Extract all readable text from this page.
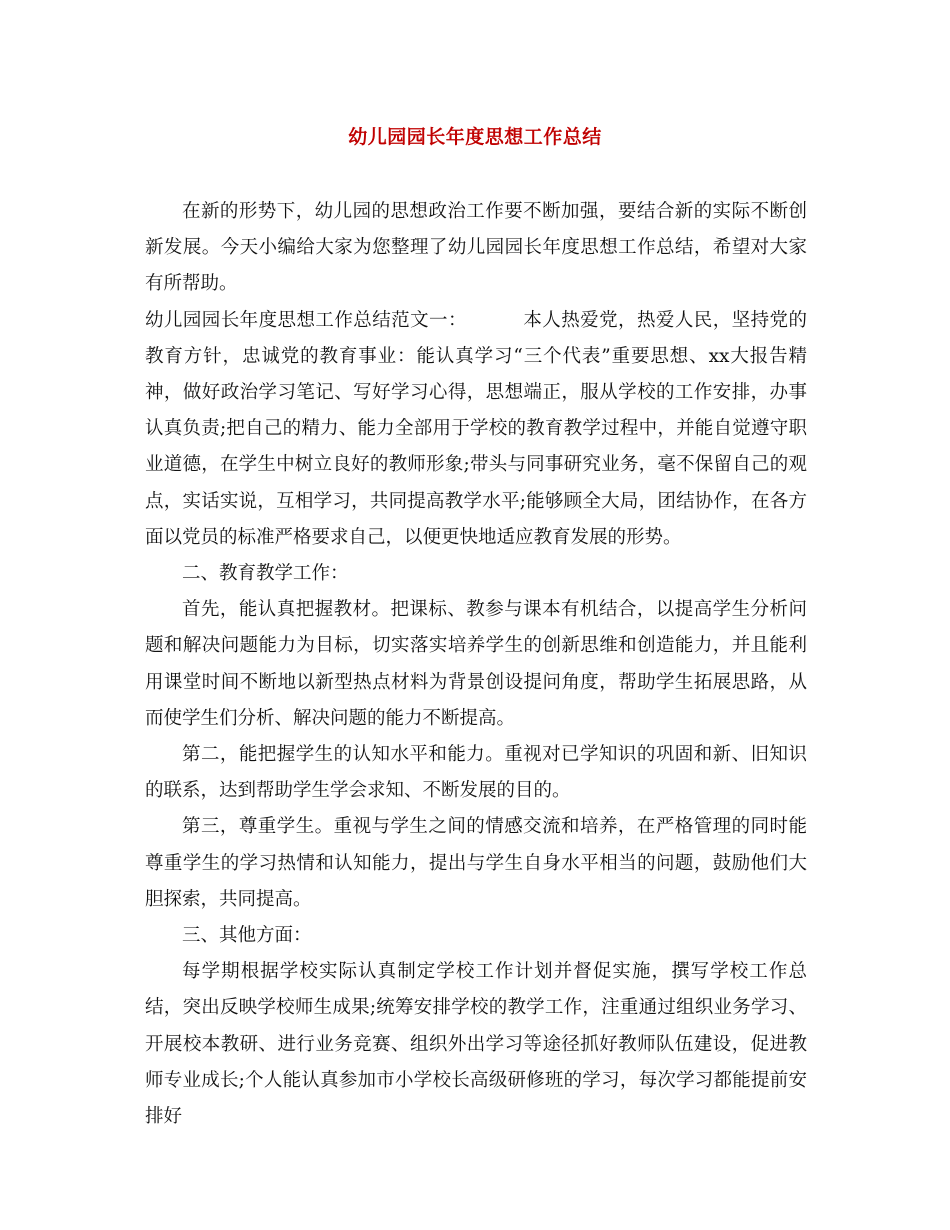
幼儿园园长年度思想工作总结

在新的形势下，幼儿园的思想政治工作要不断加强，要结合新的实际不断创新发展。今天小编给大家为您整理了幼儿园园长年度思想工作总结，希望对大家有所帮助。

幼儿园园长年度思想工作总结范文一：	本人热爱党，热爱人民，坚持党的教育方针，忠诚党的教育事业：能认真学习“三个代表”重要思想、xx大报告精神，做好政治学习笔记、写好学习心得，思想端正，服从学校的工作安排，办事认真负责;把自己的精力、能力全部用于学校的教育教学过程中，并能自觉遵守职业道德，在学生中树立良好的教师形象;带头与同事研究业务，毫不保留自己的观点，实话实说，互相学习，共同提高教学水平;能够顾全大局，团结协作，在各方面以党员的标准严格要求自己，以便更快地适应教育发展的形势。

二、教育教学工作：

首先，能认真把握教材。把课标、教参与课本有机结合，以提高学生分析问题和解决问题能力为目标，切实落实培养学生的创新思维和创造能力，并且能利用课堂时间不断地以新型热点材料为背景创设提问角度，帮助学生拓展思路，从而使学生们分析、解决问题的能力不断提高。

第二，能把握学生的认知水平和能力。重视对已学知识的巩固和新、旧知识的联系，达到帮助学生学会求知、不断发展的目的。

第三，尊重学生。重视与学生之间的情感交流和培养，在严格管理的同时能尊重学生的学习热情和认知能力，提出与学生自身水平相当的问题，鼓励他们大胆探索，共同提高。

三、其他方面：

每学期根据学校实际认真制定学校工作计划并督促实施，撰写学校工作总结，突出反映学校师生成果;统筹安排学校的教学工作，注重通过组织业务学习、开展校本教研、进行业务竞赛、组织外出学习等途径抓好教师队伍建设，促进教师专业成长;个人能认真参加市小学校长高级研修班的学习，每次学习都能提前安排好
